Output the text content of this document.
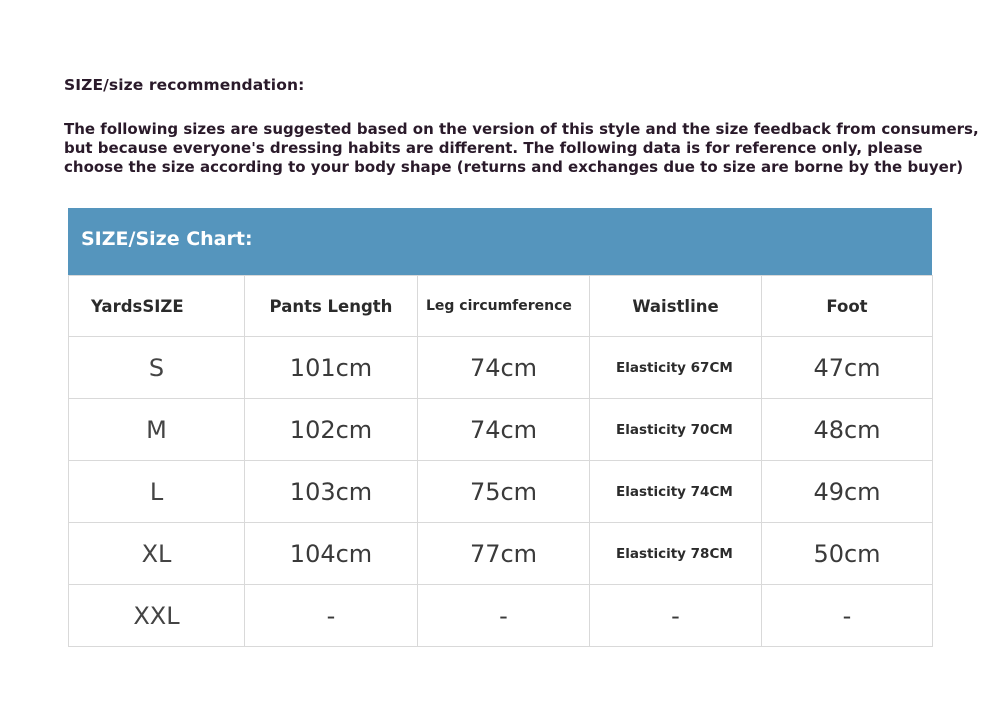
SIZE/size recommendation:
The following sizes are suggested based on the version of this style and the size feedback from consumers,
but because everyone's dressing habits are different. The following data is for reference only, please
choose the size according to your body shape (returns and exchanges due to size are borne by the buyer)
SIZE/Size Chart:
YardsSIZE	Pants Length	Leg circumference	Waistline	Foot
S	101cm	74cm	Elasticity 67CM	47cm
M	102cm	74cm	Elasticity 70CM	48cm
L	103cm	75cm	Elasticity 74CM	49cm
XL	104cm	77cm	Elasticity 78CM	50cm
XXL	-	-	-	-
